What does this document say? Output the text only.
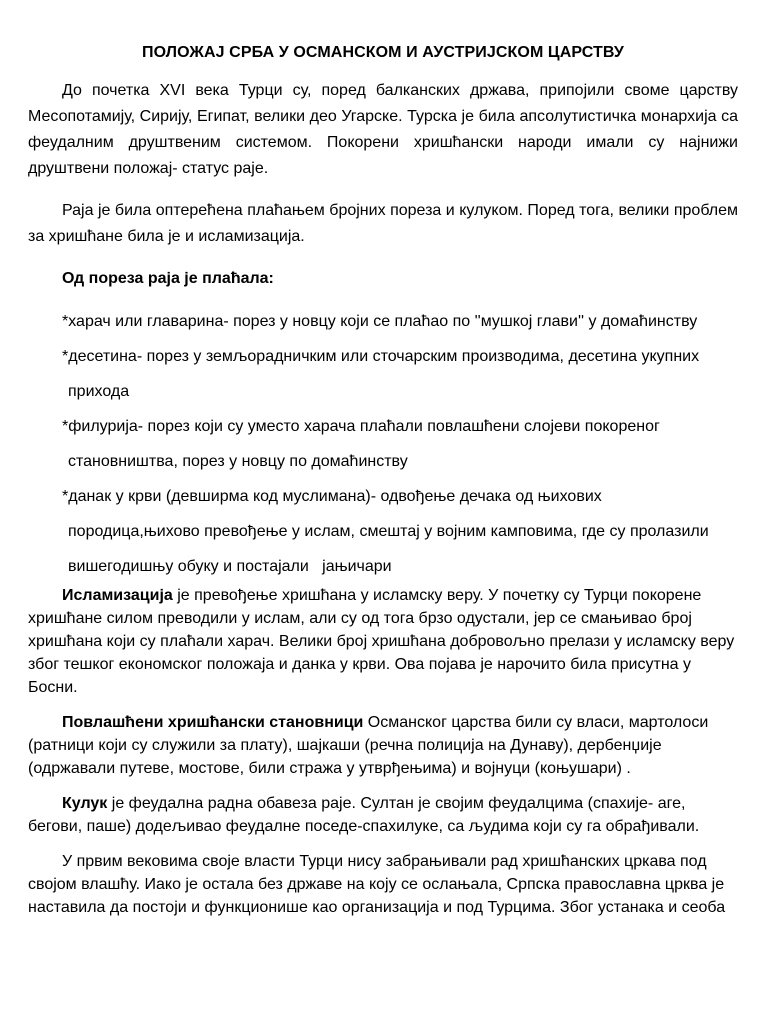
ПОЛОЖАЈ СРБА У ОСМАНСКОМ И АУСТРИЈСКОМ ЦАРСТВУ

До почетка XVI века Турци су, поред балканских држава, припојили своме царству Месопотамију, Сирију, Египат, велики део Угарске. Турска је била апсолутистичка монархија са феудалним друштвеним системом. Покорени хришћански народи имали су најнижи друштвени положај- статус раје.

Раја је била оптерећена плаћањем бројних пореза и кулуком. Поред тога, велики проблем за хришћане била је и исламизација.

Од пореза раја је плаћала:

*харач или главарина- порез у новцу који се плаћао по ''мушкој глави'' у домаћинству

*десетина- порез у земљорадничким или сточарским производима, десетина укупних

прихода

*филурија- порез који су уместо харача плаћали повлашћени слојеви покореног

становништва, порез у новцу по домаћинству

*данак у крви (девширма код муслимана)- одвођење дечака од њихових

породица,њихово превођење у ислам, смештај у војним камповима, где су пролазили

вишегодишњу обуку и постајали   јањичари

Исламизација је превођење хришћана у исламску веру. У почетку су Турци покорене хришћане силом преводили у ислам, али су од тога брзо одустали, јер се смањивао број хришћана који су плаћали харач. Велики број хришћана добровољно прелази у исламску веру због тешког економског положаја и данка у крви. Ова појава је нарочито била присутна у Босни.

Повлашћени хришћански становници Османског царства били су власи, мартолоси (ратници који су служили за плату), шајкаши (речна полиција на Дунаву), дербенџије (одржавали путеве, мостове, били стража у утврђењима) и војнуци (коњушари) .

Кулук је феудална радна обавеза раје. Султан је својим феудалцима (спахије- аге, бегови, паше) додељивао феудалне поседе-спахилуке, са људима који су га обрађивали.

У првим вековима своје власти Турци нису забрањивали рад хришћанских цркава под својом влашћу. Иако је остала без државе на коју се ослањала, Српска православна црква је наставила да постоји и функционише као организација и под Турцима. Због устанака и сеоба
